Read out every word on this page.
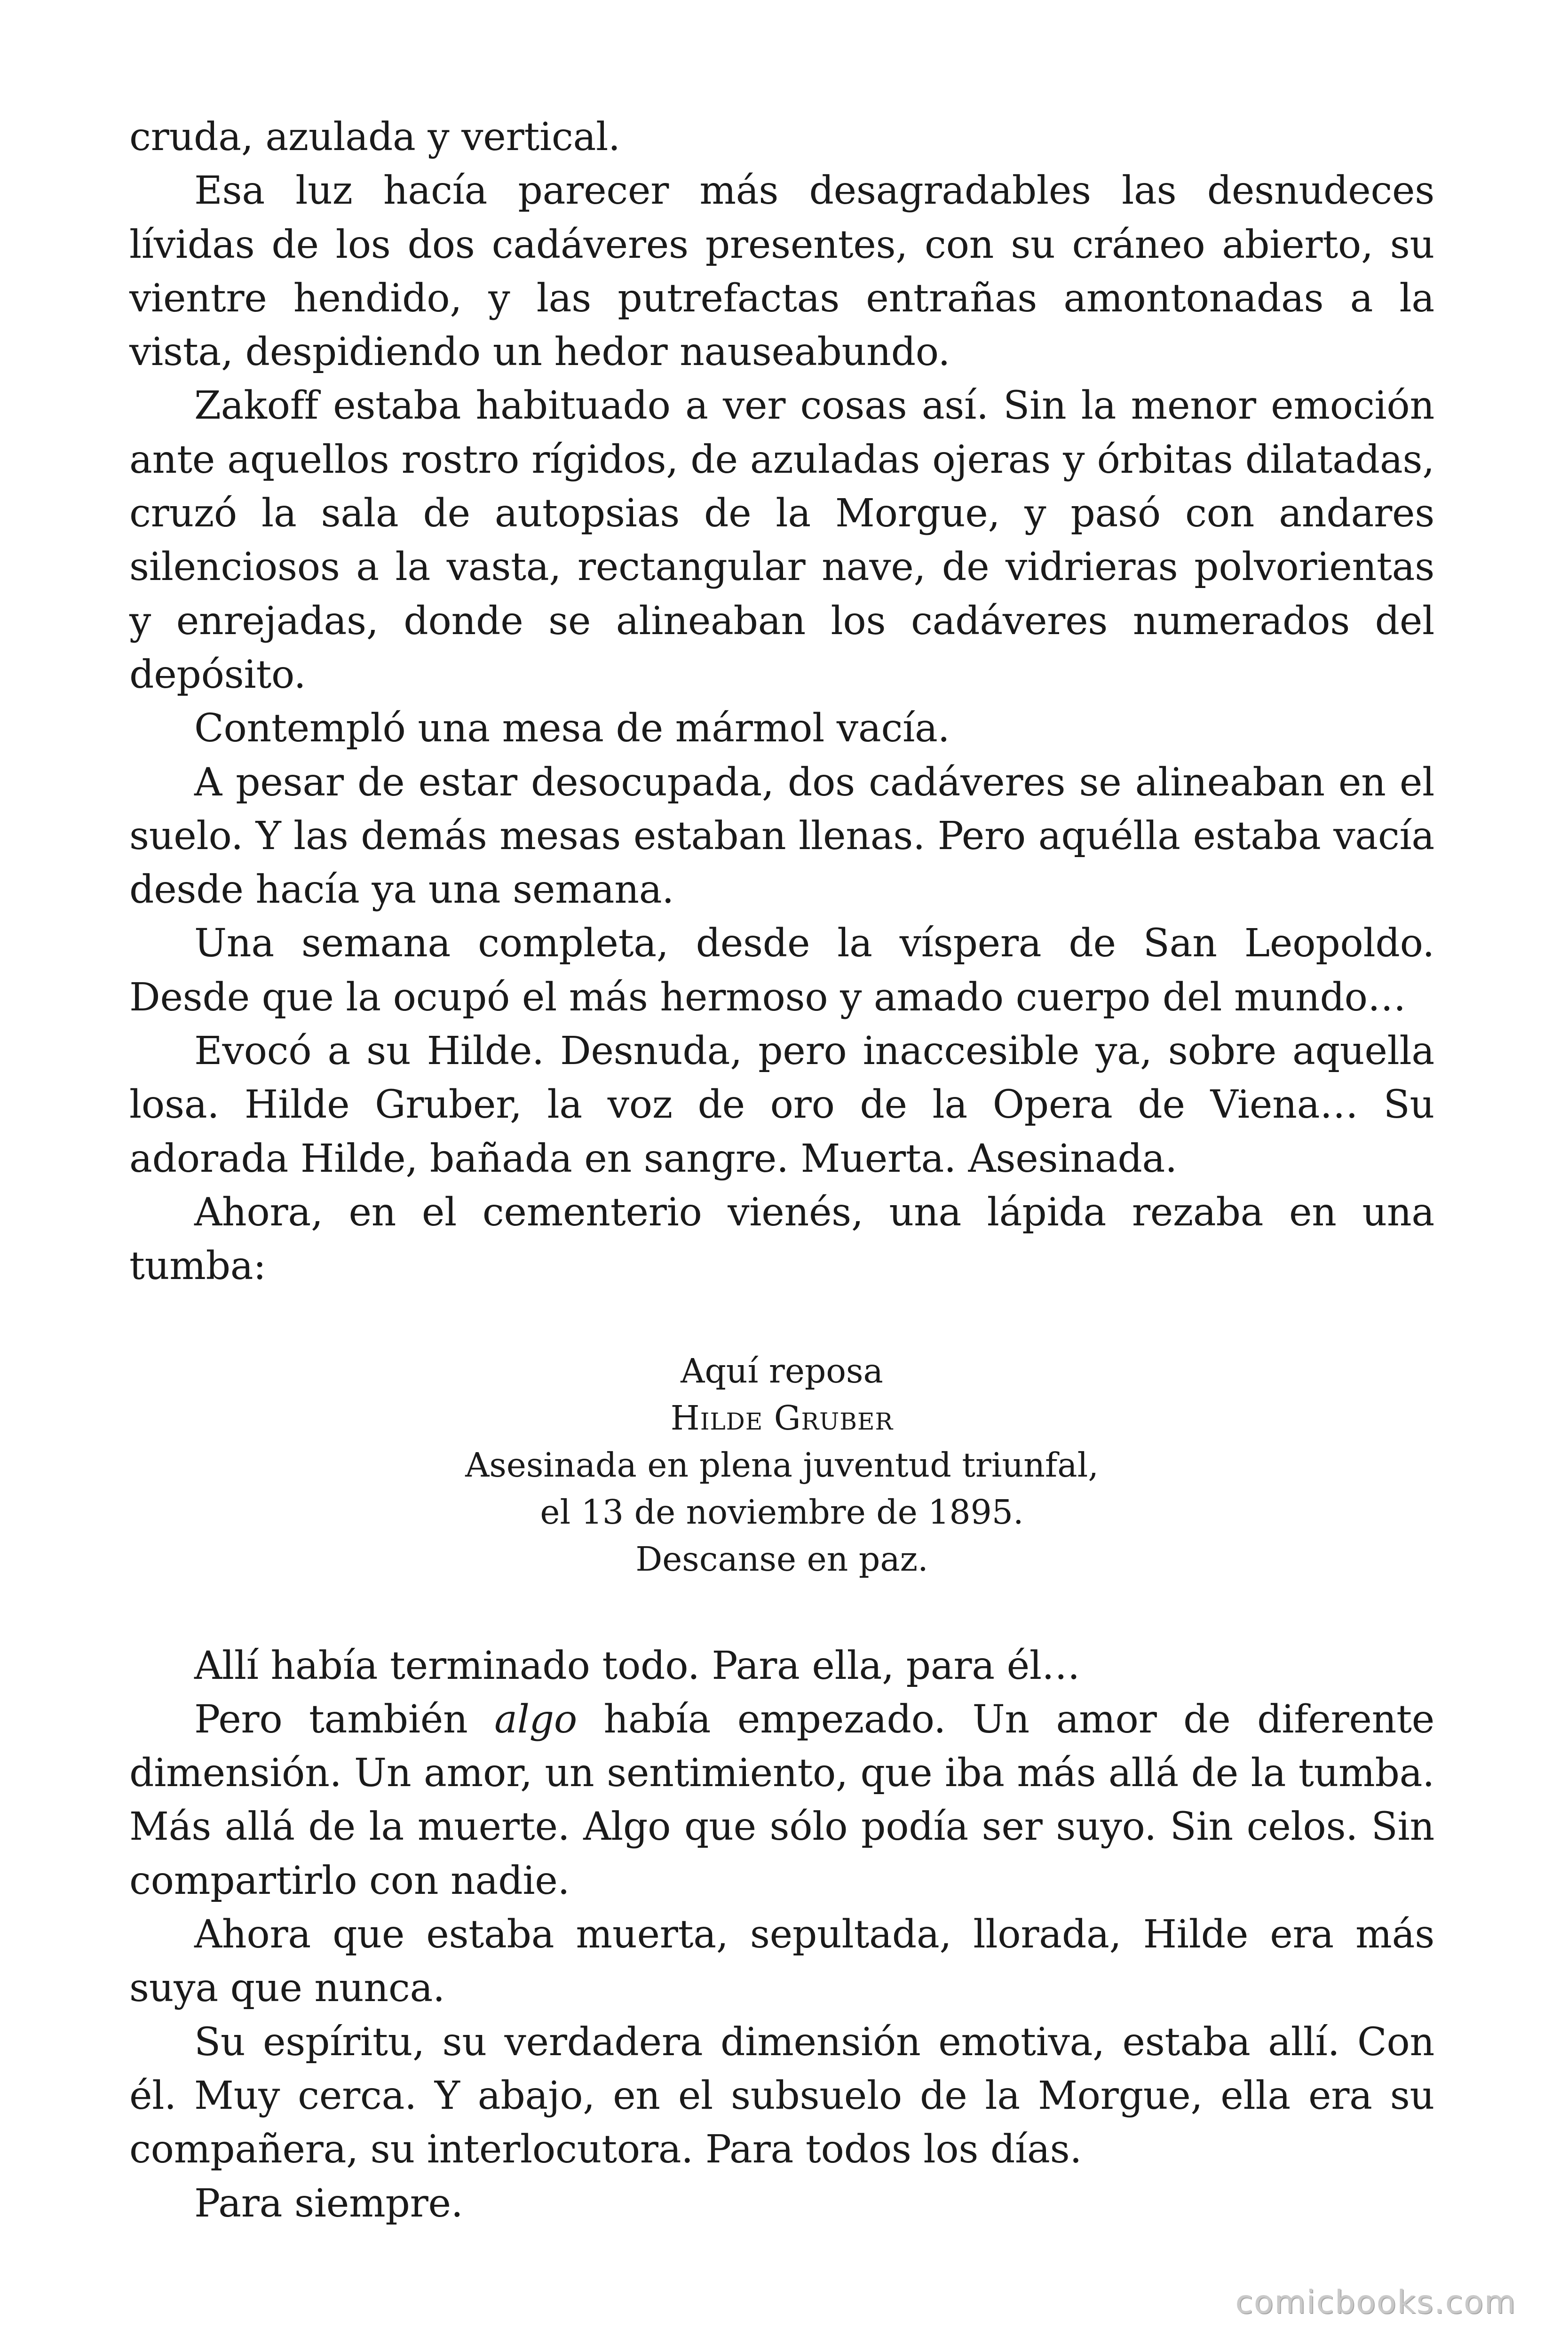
cruda, azulada y vertical.

Esa luz hacía parecer más desagradables las desnudeces lívidas de los dos cadáveres presentes, con su cráneo abierto, su vientre hendido, y las putrefactas entrañas amontonadas a la vista, despidiendo un hedor nauseabundo.

Zakoff estaba habituado a ver cosas así. Sin la menor emoción ante aquellos rostro rígidos, de azuladas ojeras y órbitas dilatadas, cruzó la sala de autopsias de la Morgue, y pasó con andares silenciosos a la vasta, rectangular nave, de vidrieras polvorientas y enrejadas, donde se alineaban los cadáveres numerados del depósito.

Contempló una mesa de mármol vacía.

A pesar de estar desocupada, dos cadáveres se alineaban en el suelo. Y las demás mesas estaban llenas. Pero aquélla estaba vacía desde hacía ya una semana.

Una semana completa, desde la víspera de San Leopoldo. Desde que la ocupó el más hermoso y amado cuerpo del mundo…

Evocó a su Hilde. Desnuda, pero inaccesible ya, sobre aquella losa. Hilde Gruber, la voz de oro de la Opera de Viena… Su adorada Hilde, bañada en sangre. Muerta. Asesinada.

Ahora, en el cementerio vienés, una lápida rezaba en una tumba:

Aquí reposa
Hilde Gruber
Asesinada en plena juventud triunfal,
el 13 de noviembre de 1895.
Descanse en paz.

Allí había terminado todo. Para ella, para él…

Pero también algo había empezado. Un amor de diferente dimensión. Un amor, un sentimiento, que iba más allá de la tumba. Más allá de la muerte. Algo que sólo podía ser suyo. Sin celos. Sin compartirlo con nadie.

Ahora que estaba muerta, sepultada, llorada, Hilde era más suya que nunca.

Su espíritu, su verdadera dimensión emotiva, estaba allí. Con él. Muy cerca. Y abajo, en el subsuelo de la Morgue, ella era su compañera, su interlocutora. Para todos los días.

Para siempre.

comicbooks.com
